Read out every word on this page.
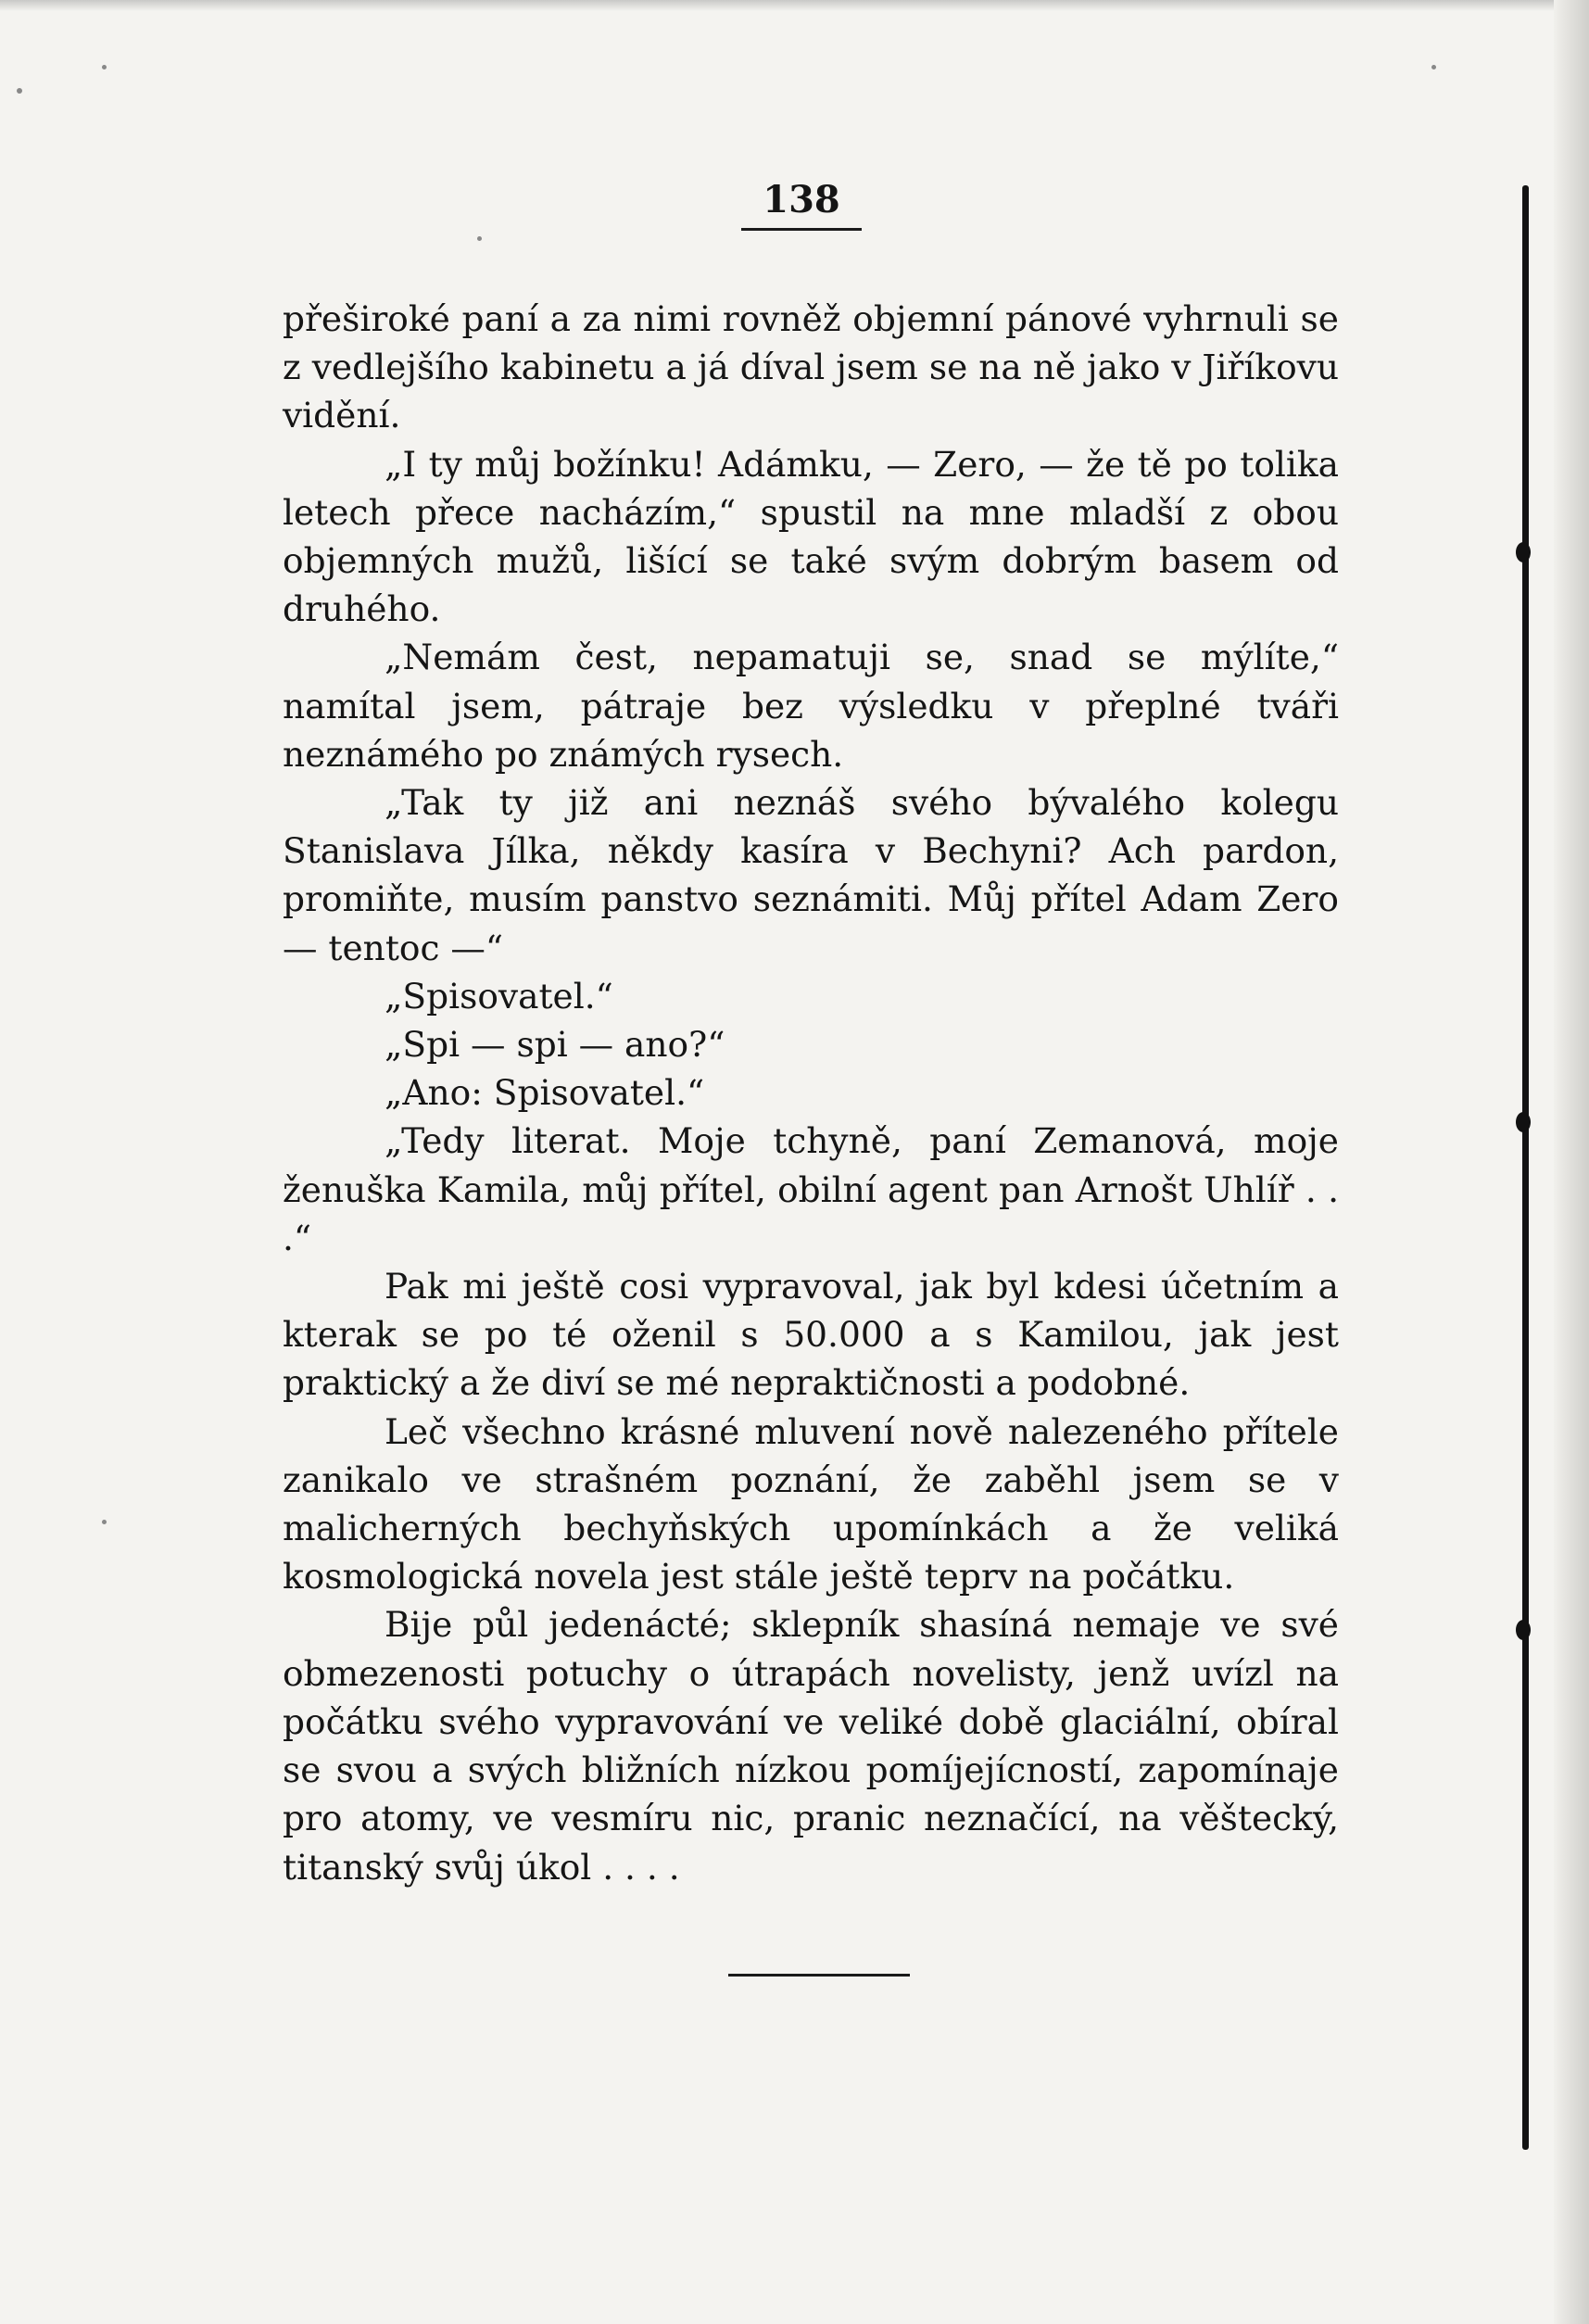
138

přeširoké paní a za nimi rovněž objemní pánové vyhrnuli se z vedlejšího kabinetu a já díval jsem se na ně jako v Jiříkovu vidění.

„I ty můj božínku! Adámku, — Zero, — že tě po tolika letech přece nacházím,“ spustil na mne mladší z obou objemných mužů, lišící se také svým dobrým basem od druhého.

„Nemám čest, nepamatuji se, snad se mýlíte,“ namítal jsem, pátraje bez výsledku v přeplné tváři neznámého po známých rysech.

„Tak ty již ani neznáš svého bývalého kolegu Stanislava Jílka, někdy kasíra v Bechyni? Ach pardon, promiňte, musím panstvo seznámiti. Můj přítel Adam Zero — tentoc —“

„Spisovatel.“

„Spi — spi — ano?“

„Ano: Spisovatel.“

„Tedy literat. Moje tchyně, paní Zemanová, moje ženuška Kamila, můj přítel, obilní agent pan Arnošt Uhlíř . . .“

Pak mi ještě cosi vypravoval, jak byl kdesi účetním a kterak se po té oženil s 50.000 a s Kamilou, jak jest praktický a že diví se mé nepraktičnosti a podobné.

Leč všechno krásné mluvení nově nalezeného přítele zanikalo ve strašném poznání, že zaběhl jsem se v malicherných bechyňských upomínkách a že veliká kosmologická novela jest stále ještě teprv na počátku.

Bije půl jedenácté; sklepník shasíná nemaje ve své obmezenosti potuchy o útrapách novelisty, jenž uvízl na počátku svého vypravování ve veliké době glaciální, obíral se svou a svých bližních nízkou pomíjejícností, zapomínaje pro atomy, ve vesmíru nic, pranic neznačící, na věštecký, titanský svůj úkol . . . .
